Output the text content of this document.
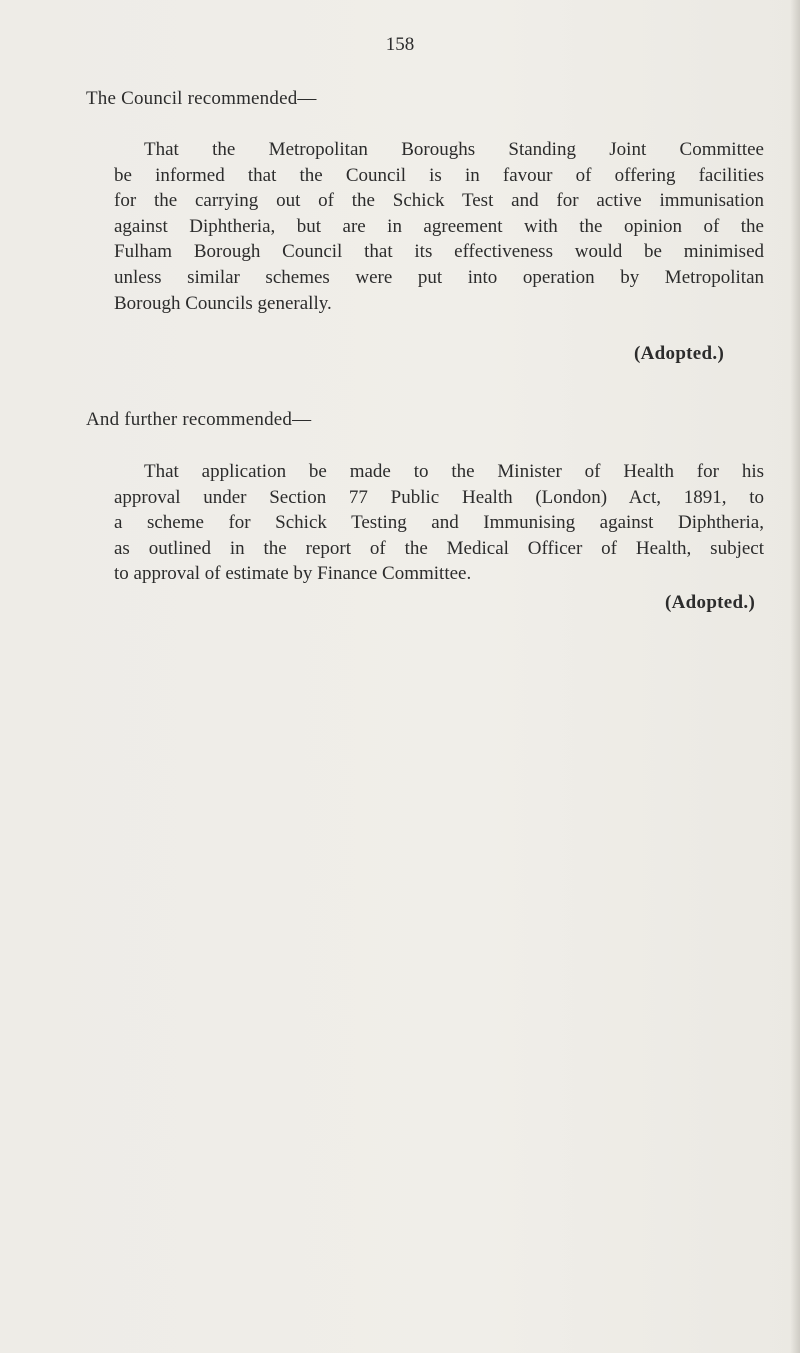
158
The Council recommended—

That the Metropolitan Boroughs Standing Joint Committee
be informed that the Council is in favour of offering facilities
for the carrying out of the Schick Test and for active immunisation
against Diphtheria, but are in agreement with the opinion of the
Fulham Borough Council that its effectiveness would be minimised
unless similar schemes were put into operation by Metropolitan
Borough Councils generally.

(Adopted.)
And further recommended—

That application be made to the Minister of Health for his
approval under Section 77 Public Health (London) Act, 1891, to
a scheme for Schick Testing and Immunising against Diphtheria,
as outlined in the report of the Medical Officer of Health, subject
to approval of estimate by Finance Committee.

(Adopted.)
